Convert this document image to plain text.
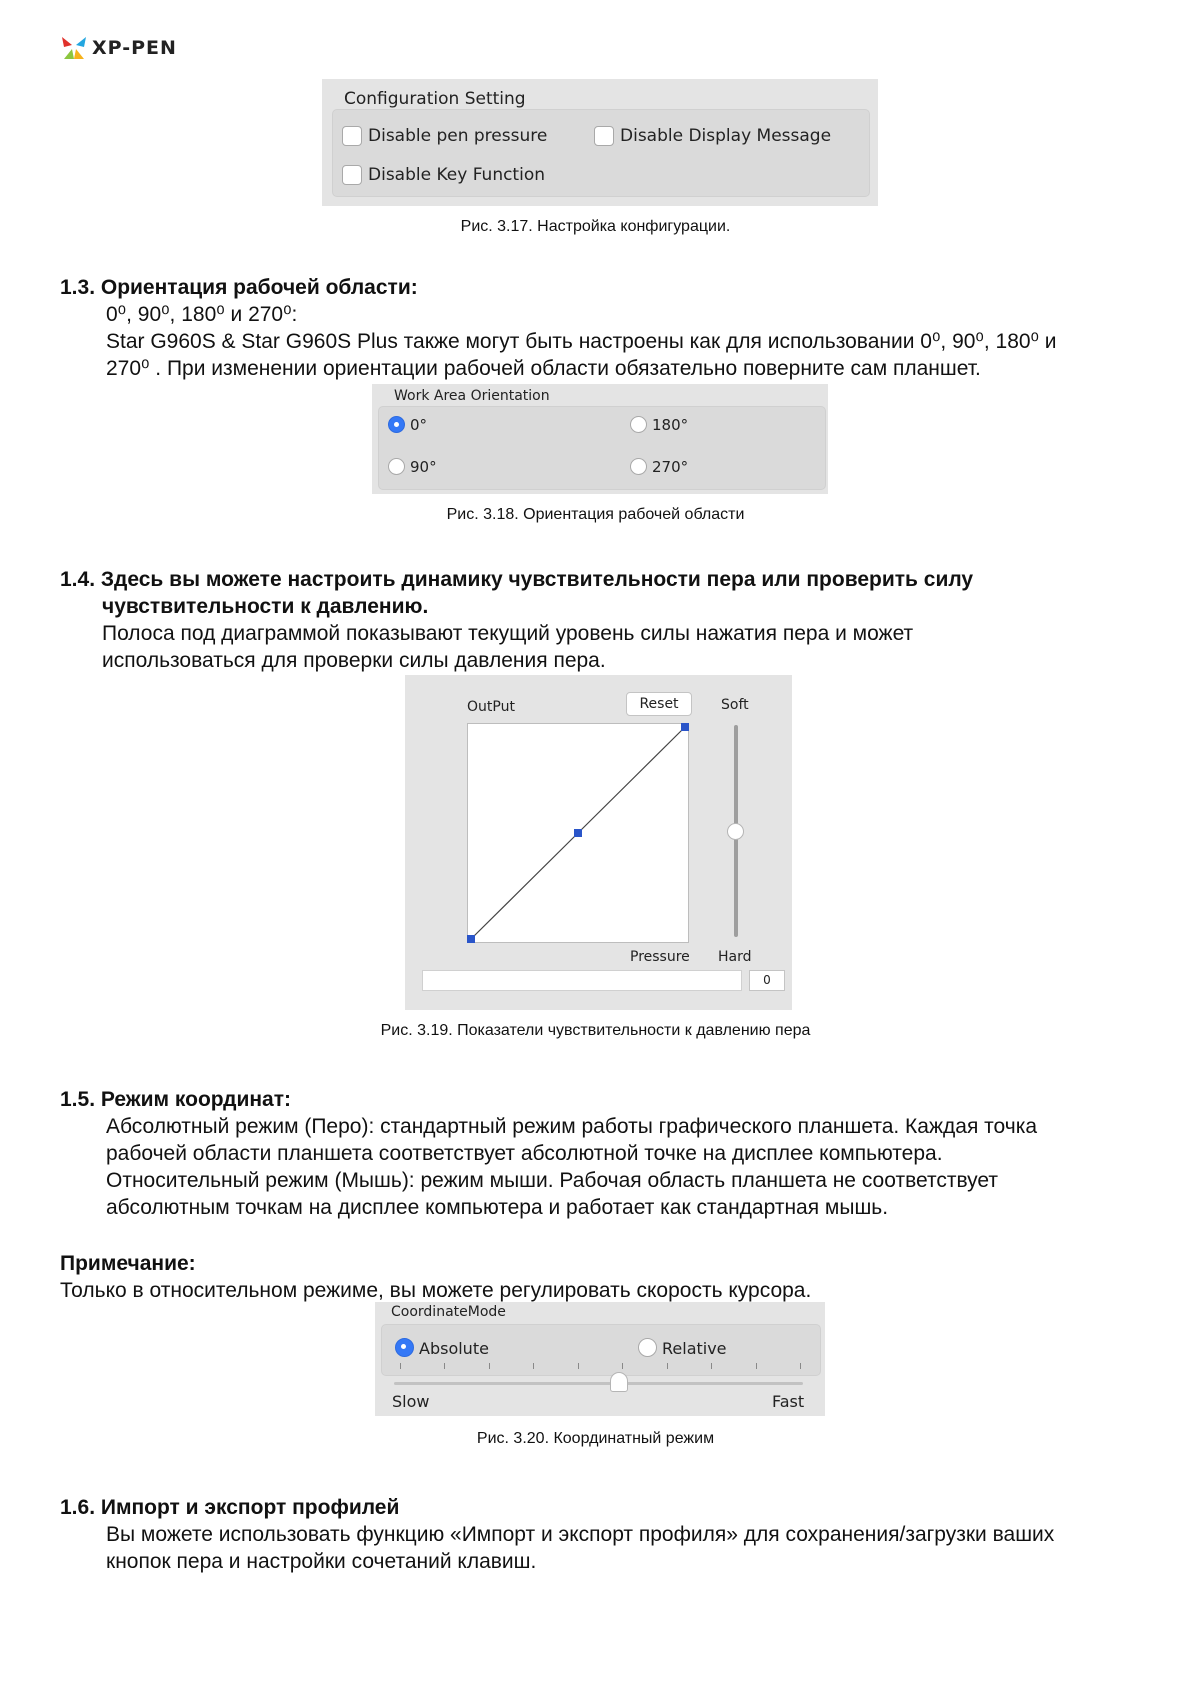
XP-PEN
Configuration Setting
Disable pen pressure	Disable Display Message
Disable Key Function
Рис. 3.17. Настройка конфигурации.
1.3. Ориентация рабочей области:
0⁰, 90⁰, 180⁰ и 270⁰:
Star G960S & Star G960S Plus также могут быть настроены как для использовании 0⁰, 90⁰, 180⁰ и
270⁰ . При изменении ориентации рабочей области обязательно поверните сам планшет.
Work Area Orientation
0°	180°
90°	270°
Рис. 3.18. Ориентация рабочей области
1.4. Здесь вы можете настроить динамику чувствительности пера или проверить силу
чувствительности к давлению.
Полоса под диаграммой показывают текущий уровень силы нажатия пера и может
использоваться для проверки силы давления пера.
OutPut	Reset	Soft
Pressure Hard
0
Рис. 3.19. Показатели чувствительности к давлению пера
1.5. Режим координат:
Абсолютный режим (Перо): стандартный режим работы графического планшета. Каждая точка
рабочей области планшета соответствует абсолютной точке на дисплее компьютера.
Относительный режим (Мышь): режим мыши. Рабочая область планшета не соответствует
абсолютным точкам на дисплее компьютера и работает как стандартная мышь.
Примечание:
Только в относительном режиме, вы можете регулировать скорость курсора.
CoordinateMode
Absolute	Relative
Slow	Fast
Рис. 3.20. Координатный режим
1.6. Импорт и экспорт профилей
Вы можете использовать функцию «Импорт и экспорт профиля» для сохранения/загрузки ваших
кнопок пера и настройки сочетаний клавиш.
